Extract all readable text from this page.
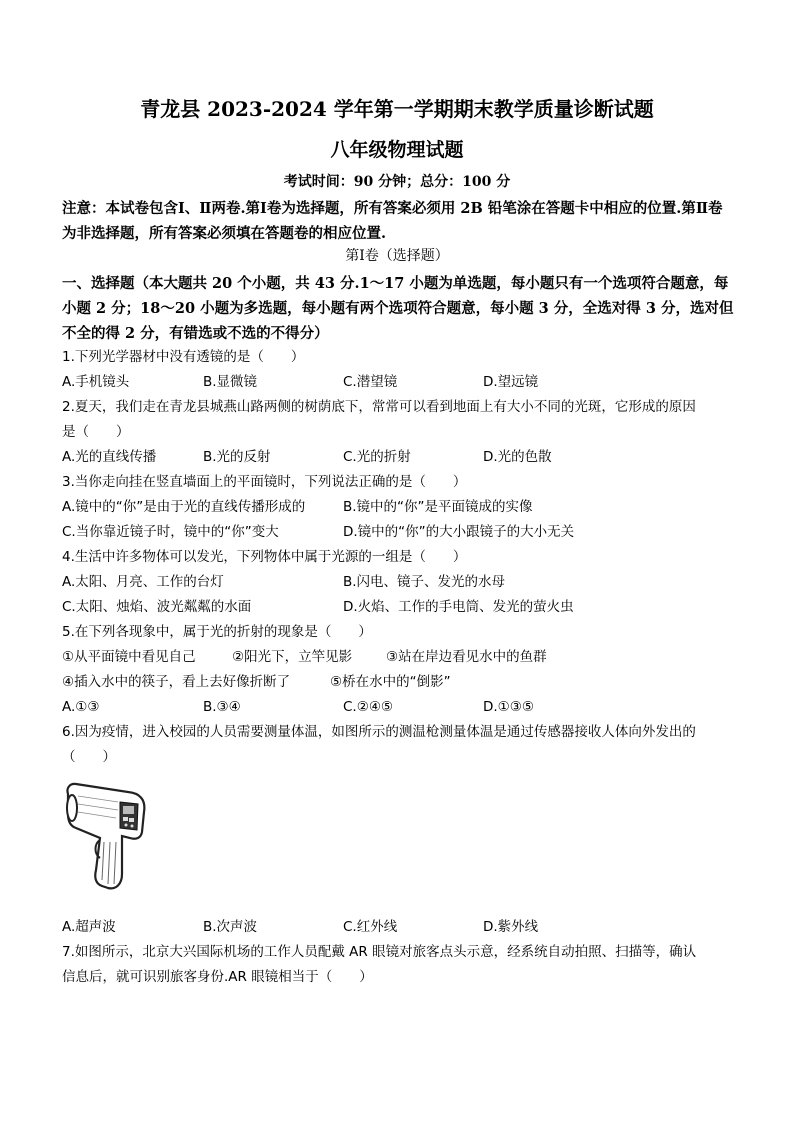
青龙县 2023-2024 学年第一学期期末教学质量诊断试题
八年级物理试题
考试时间：90 分钟；总分：100 分
注意：本试卷包含Ⅰ、Ⅱ两卷.第Ⅰ卷为选择题，所有答案必须用 2B 铅笔涂在答题卡中相应的位置.第Ⅱ卷为非选择题，所有答案必须填在答题卷的相应位置.
第Ⅰ卷（选择题）
一、选择题（本大题共 20 个小题，共 43 分.1～17 小题为单选题，每小题只有一个选项符合题意，每小题 2 分；18～20 小题为多选题，每小题有两个选项符合题意，每小题 3 分，全选对得 3 分，选对但不全的得 2 分，有错选或不选的不得分）
1.下列光学器材中没有透镜的是（　　）
A.手机镜头	B.显微镜	C.潜望镜	D.望远镜
2.夏天，我们走在青龙县城燕山路两侧的树荫底下，常常可以看到地面上有大小不同的光斑，它形成的原因
是（　　）
A.光的直线传播	B.光的反射	C.光的折射	D.光的色散
3.当你走向挂在竖直墙面上的平面镜时，下列说法正确的是（　　）
A.镜中的“你”是由于光的直线传播形成的	B.镜中的“你”是平面镜成的实像
C.当你靠近镜子时，镜中的“你”变大	D.镜中的“你”的大小跟镜子的大小无关
4.生活中许多物体可以发光，下列物体中属于光源的一组是（　　）
A.太阳、月亮、工作的台灯	B.闪电、镜子、发光的水母
C.太阳、烛焰、波光粼粼的水面	D.火焰、工作的手电筒、发光的萤火虫
5.在下列各现象中，属于光的折射的现象是（　　）
①从平面镜中看见自己	②阳光下，立竿见影	③站在岸边看见水中的鱼群
④插入水中的筷子，看上去好像折断了	⑤桥在水中的“倒影”
A.①③	B.③④	C.②④⑤	D.①③⑤
6.因为疫情，进入校园的人员需要测量体温，如图所示的测温枪测量体温是通过传感器接收人体向外发出的
（　　）
A.超声波	B.次声波	C.红外线	D.紫外线
7.如图所示，北京大兴国际机场的工作人员配戴 AR 眼镜对旅客点头示意，经系统自动拍照、扫描等，确认
信息后，就可识别旅客身份.AR 眼镜相当于（　　）
